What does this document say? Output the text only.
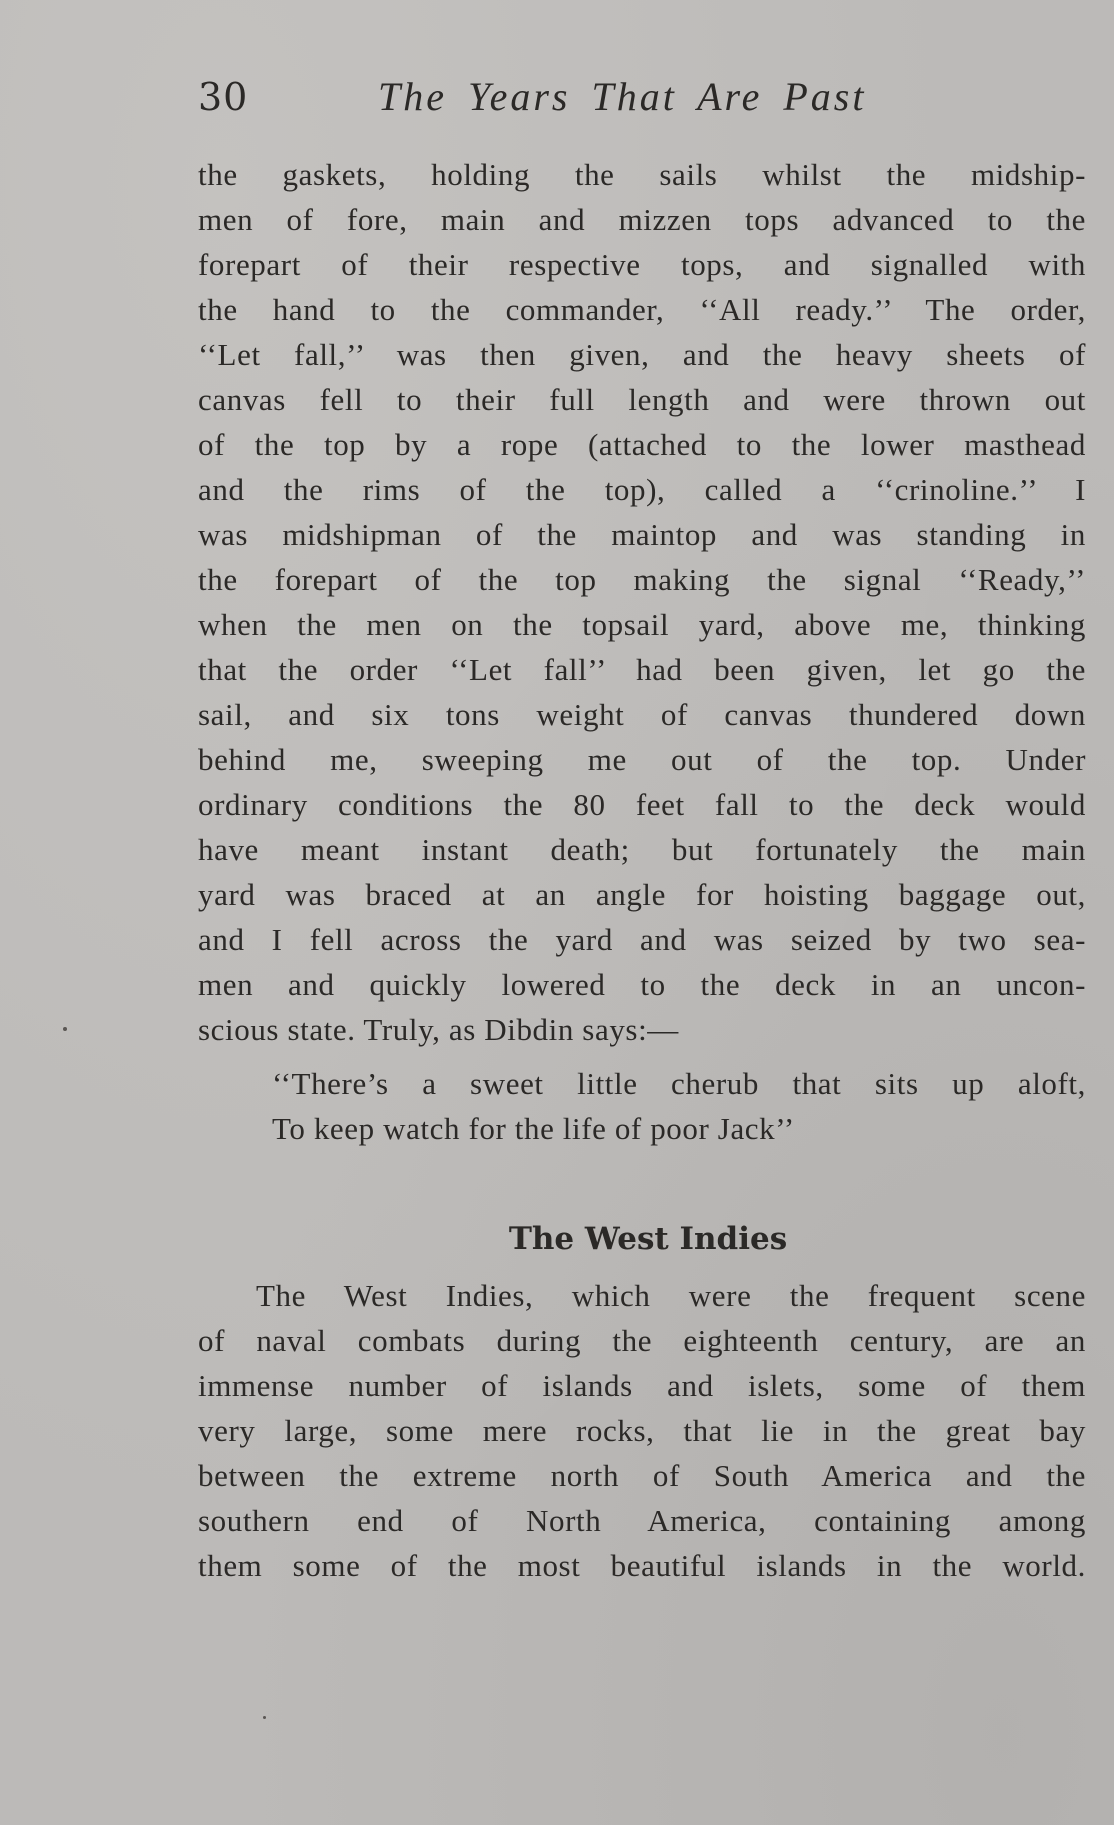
30	The Years That Are Past
the gaskets, holding the sails whilst the midship-
men of fore, main and mizzen tops advanced to the
forepart of their respective tops, and signalled with
the hand to the commander, ‘‘All ready.’’ The order,
‘‘Let fall,’’ was then given, and the heavy sheets of
canvas fell to their full length and were thrown out
of the top by a rope (attached to the lower masthead
and the rims of the top), called a ‘‘crinoline.’’ I
was midshipman of the maintop and was standing in
the forepart of the top making the signal ‘‘Ready,’’
when the men on the topsail yard, above me, thinking
that the order ‘‘Let fall’’ had been given, let go the
sail, and six tons weight of canvas thundered down
behind me, sweeping me out of the top. Under
ordinary conditions the 80 feet fall to the deck would
have meant instant death; but fortunately the main
yard was braced at an angle for hoisting baggage out,
and I fell across the yard and was seized by two sea-
men and quickly lowered to the deck in an uncon-
scious state. Truly, as Dibdin says:—
‘‘There’s a sweet little cherub that sits up aloft,
To keep watch for the life of poor Jack’’
The West Indies
The West Indies, which were the frequent scene
of naval combats during the eighteenth century, are an
immense number of islands and islets, some of them
very large, some mere rocks, that lie in the great bay
between the extreme north of South America and the
southern end of North America, containing among
them some of the most beautiful islands in the world.
